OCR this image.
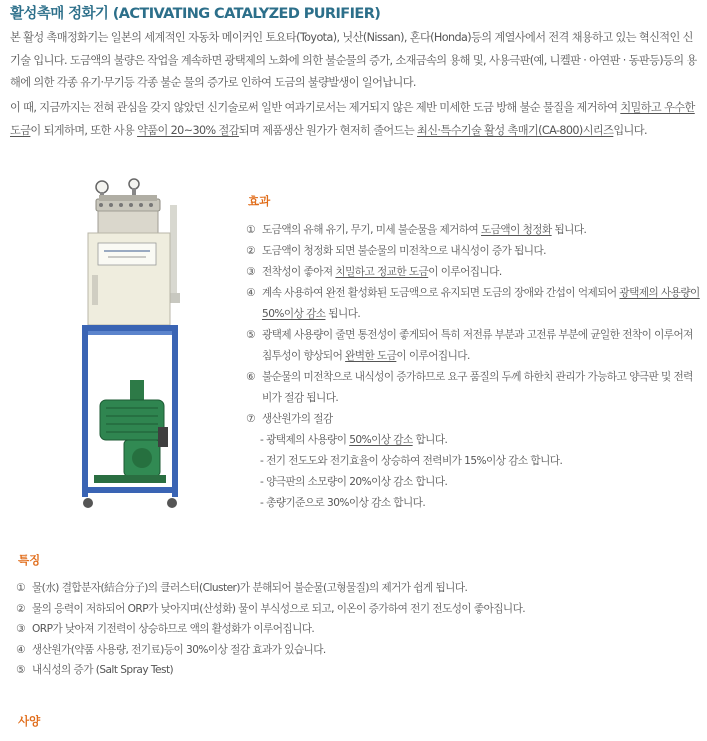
활성촉매 정화기 (ACTIVATING CATALYZED PURIFIER)

본 활성 촉매정화기는 일본의 세계적인 자동차 메이커인 토요타(Toyota), 닛산(Nissan), 혼다(Honda)등의 계열사에서 전격 채용하고 있는 혁신적인 신기술 입니다. 도금액의 불량은 작업을 계속하면 광택제의 노화에 의한 불순물의 증가, 소재금속의 용해 및, 사용극판(예, 니켈판 · 아연판 · 동판등)등의 용해에 의한 각종 유기·무기등 각종 불순 물의 증가로 인하여 도금의 불량발생이 일어납니다.

이 때, 지금까지는 전혀 관심을 갖지 않았던 신기술로써 일반 여과기로서는 제거되지 않은 제반 미세한 도금 방해 불순 물질을 제거하여 치밀하고 우수한 도금이 되게하며, 또한 사용 약품이 20~30% 절감되며 제품생산 원가가 현저히 줄어드는 최신·특수기술 활성 촉매기(CA-800)시리즈입니다.

효과
① 도금액의 유해 유기, 무기, 미세 불순물을 제거하여 도금액이 청정화 됩니다.
② 도금액이 청정화 되면 불순물의 미전착으로 내식성이 증가 됩니다.
③ 전착성이 좋아져 치밀하고 정교한 도금이 이루어집니다.
④ 계속 사용하여 완전 활성화된 도금액으로 유지되면 도금의 장애와 간섭이 억제되어 광택제의 사용량이 50%이상 감소 됩니다.
⑤ 광택제 사용량이 줄면 통전성이 좋게되어 특히 저전류 부분과 고전류 부분에 균일한 전착이 이루어져 침투성이 향상되어 완벽한 도금이 이루어집니다.
⑥ 불순물의 미전착으로 내식성이 증가하므로 요구 품질의 두께 하한치 관리가 가능하고 양극판 및 전력비가 절감 됩니다.
⑦ 생산원가의 절감
- 광택제의 사용량이 50%이상 감소 합니다.
- 전기 전도도와 전기효율이 상승하여 전력비가 15%이상 감소 합니다.
- 양극판의 소모량이 20%이상 감소 합니다.
- 총량기준으로 30%이상 감소 합니다.
특징
① 물(水) 결합분자(結合分子)의 클러스터(Cluster)가 분해되어 불순물(고형물질)의 제거가 쉽게 됩니다.
② 물의 응력이 저하되어 ORP가 낮아지며(산성화) 물이 부식성으로 되고, 이온이 증가하여 전기 전도성이 좋아집니다.
③ ORP가 낮아져 기전력이 상승하므로 액의 활성화가 이루어집니다.
④ 생산원가(약품 사용량, 전기료)등이 30%이상 절감 효과가 있습니다.
⑤ 내식성의 증가 (Salt Spray Test)
사양
